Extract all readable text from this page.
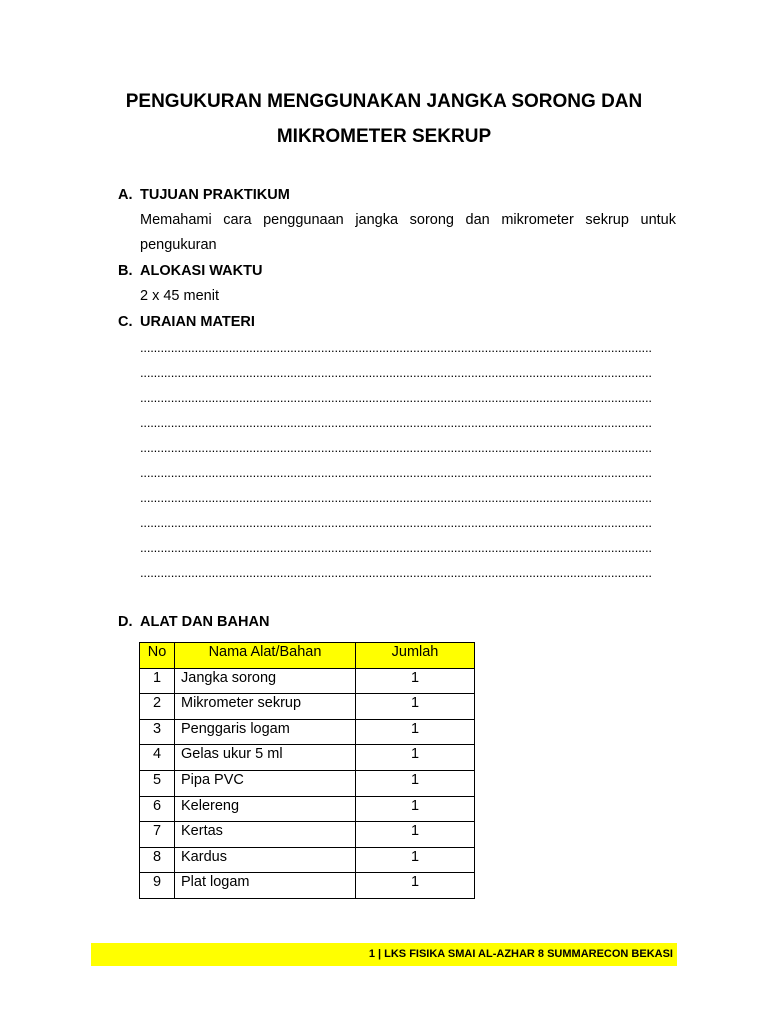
PENGUKURAN MENGGUNAKAN JANGKA SORONG DAN
MIKROMETER SEKRUP
A. TUJUAN PRAKTIKUM
Memahami cara penggunaan jangka sorong dan mikrometer sekrup untuk pengukuran
B. ALOKASI WAKTU
2 x 45 menit
C. URAIAN MATERI
......................................................................................................................................................
......................................................................................................................................................
......................................................................................................................................................
......................................................................................................................................................
......................................................................................................................................................
......................................................................................................................................................
......................................................................................................................................................
......................................................................................................................................................
......................................................................................................................................................
......................................................................................................................................................
D. ALAT DAN BAHAN
No	Nama Alat/Bahan	Jumlah
1	Jangka sorong	1
2	Mikrometer sekrup	1
3	Penggaris logam	1
4	Gelas ukur 5 ml	1
5	Pipa PVC	1
6	Kelereng	1
7	Kertas	1
8	Kardus	1
9	Plat logam	1
1 | LKS FISIKA SMAI AL-AZHAR 8 SUMMARECON BEKASI
